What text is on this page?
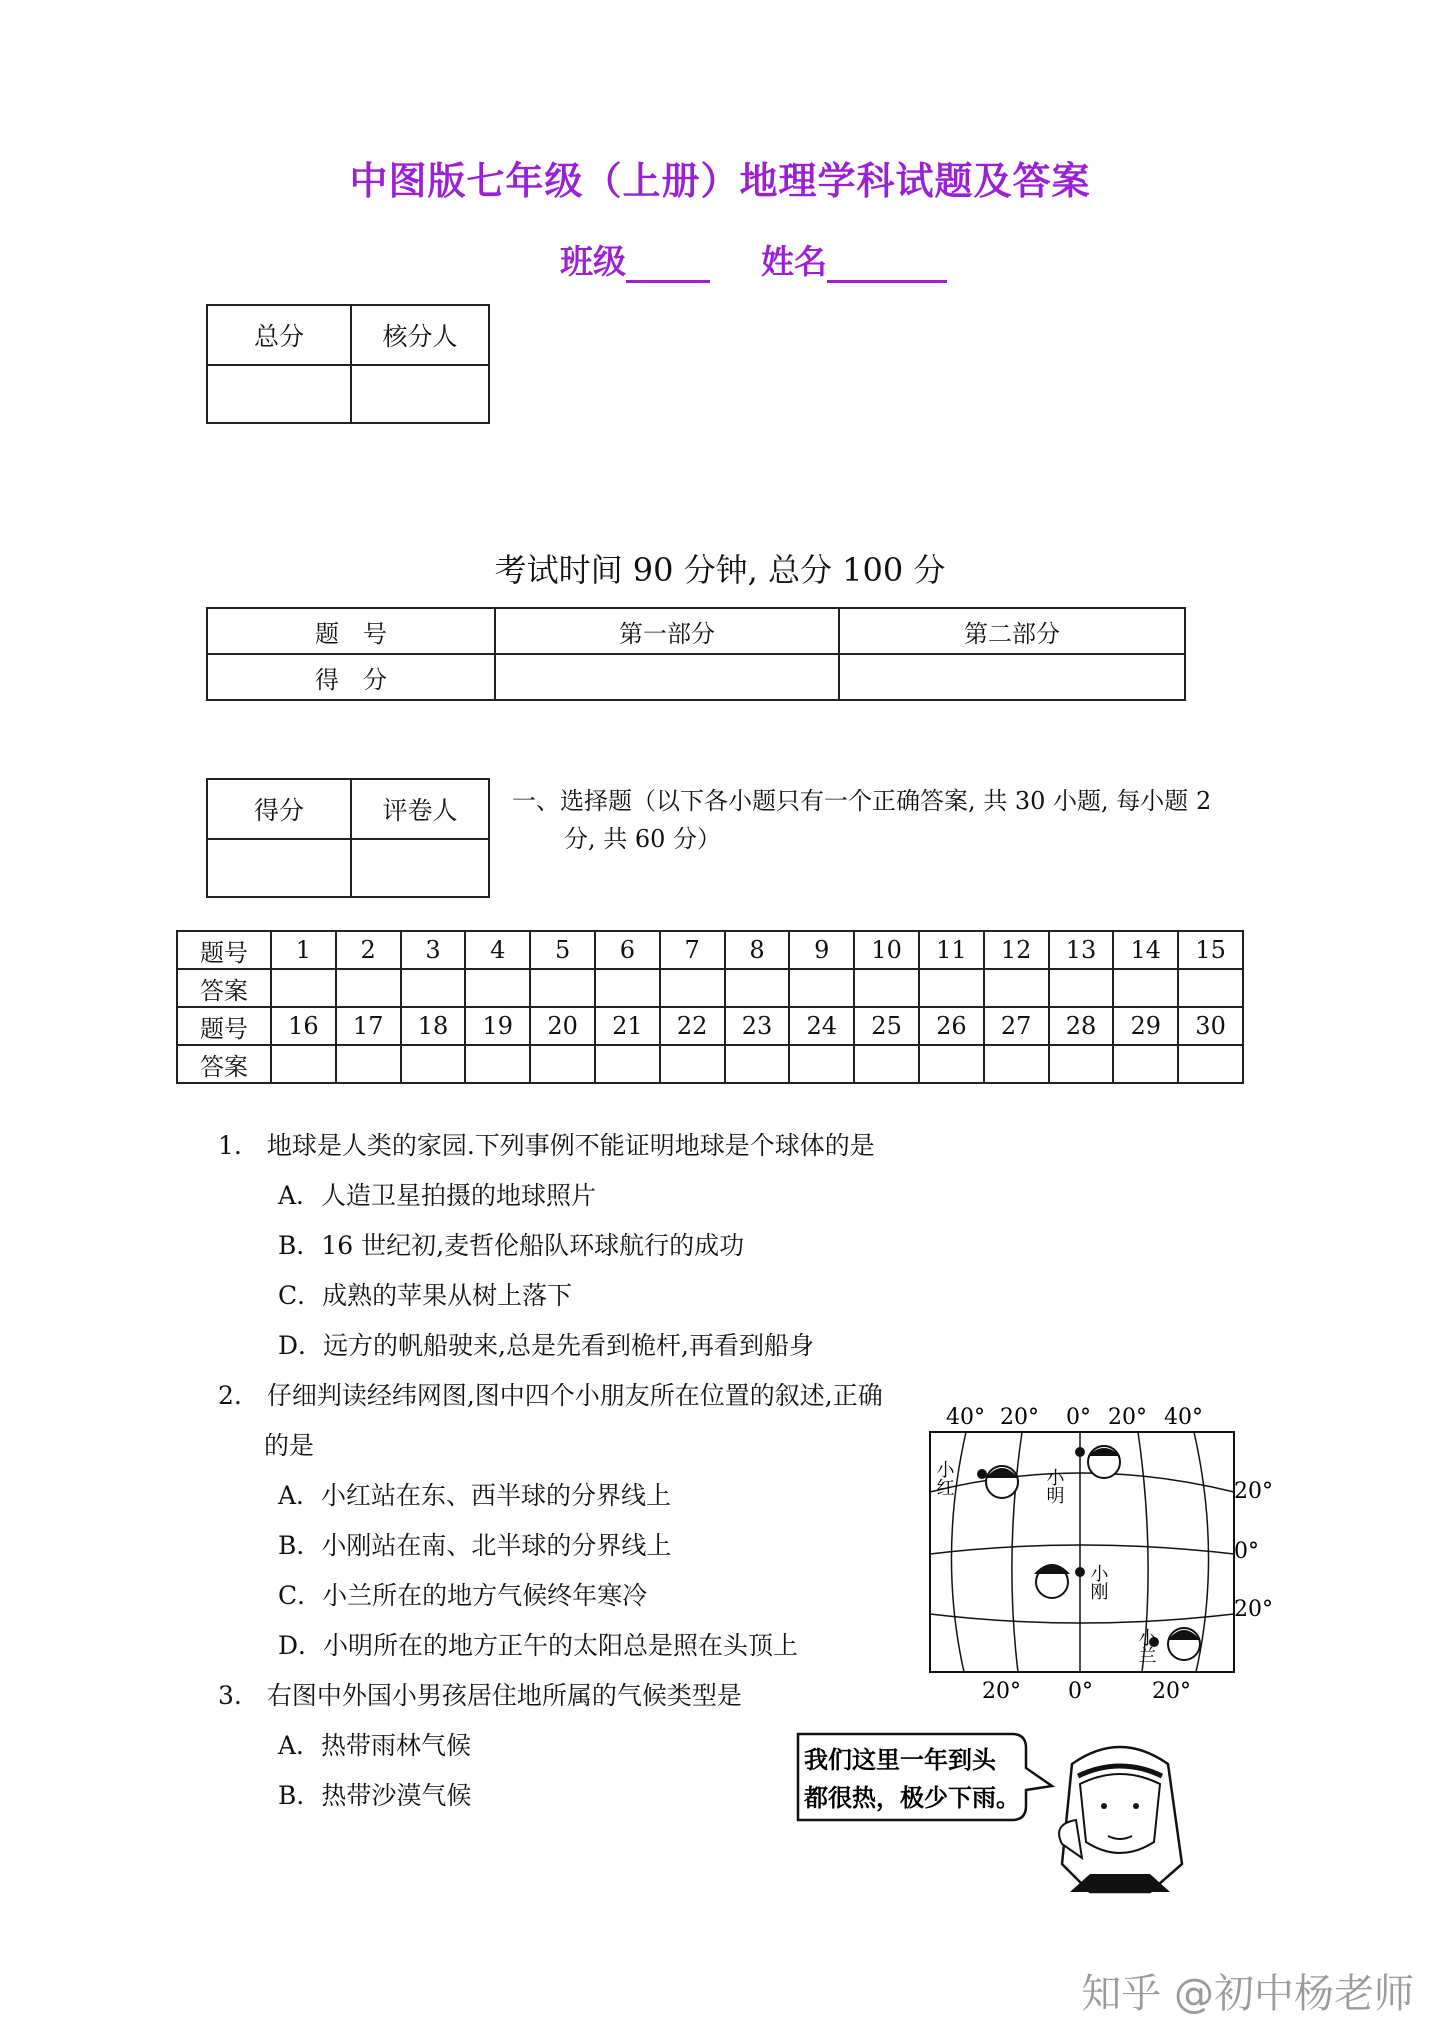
中图版七年级（上册）地理学科试题及答案
班级	姓名
总分	核分人

考试时间 90 分钟, 总分 100 分
题　号	第一部分	第二部分
得　分		
得分	评卷人
	一、选择题（以下各小题只有一个正确答案, 共 30 小题, 每小题 2
分, 共 60 分）
题号	1	2	3	4	5	6	7	8	9	10	11	12	13	14	15
答案															
题号	16	17	18	19	20	21	22	23	24	25	26	27	28	29	30
答案															
1.　地球是人类的家园.下列事例不能证明地球是个球体的是
A．人造卫星拍摄的地球照片
B．16 世纪初,麦哲伦船队环球航行的成功
C．成熟的苹果从树上落下
D．远方的帆船驶来,总是先看到桅杆,再看到船身
2.　仔细判读经纬网图,图中四个小朋友所在位置的叙述,正确
的是
A．小红站在东、西半球的分界线上
B．小刚站在南、北半球的分界线上
C．小兰所在的地方气候终年寒冷
D．小明所在的地方正午的太阳总是照在头顶上
3.　右图中外国小男孩居住地所属的气候类型是
A．热带雨林气候
B．热带沙漠气候
40° 20° 0° 20° 40°
20° 0°	20°
20°
0°
20°
小红	小明
小刚
小兰
我们这里一年到头
都很热，极少下雨。
知乎 @初中杨老师
